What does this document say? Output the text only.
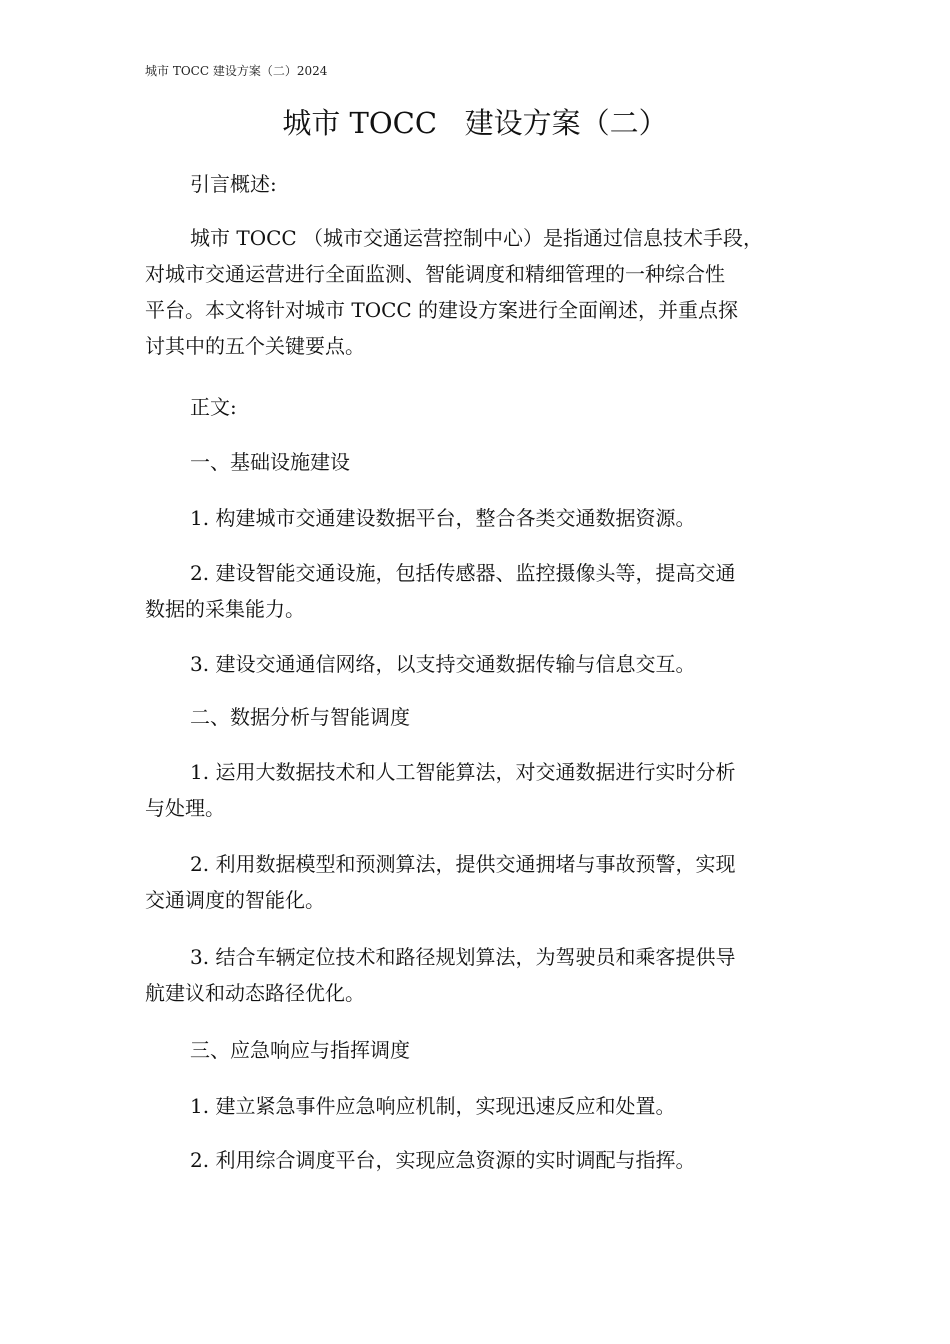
城市 TOCC 建设方案（二）2024
城市 TOCC   建设方案（二）
引言概述:
城市 TOCC （城市交通运营控制中心）是指通过信息技术手段，
对城市交通运营进行全面监测、智能调度和精细管理的一种综合性
平台。本文将针对城市 TOCC 的建设方案进行全面阐述，并重点探
讨其中的五个关键要点。
正文:
一、基础设施建设
1. 构建城市交通建设数据平台，整合各类交通数据资源。
2. 建设智能交通设施，包括传感器、监控摄像头等，提高交通
数据的采集能力。
3. 建设交通通信网络，以支持交通数据传输与信息交互。
二、数据分析与智能调度
1. 运用大数据技术和人工智能算法，对交通数据进行实时分析
与处理。
2. 利用数据模型和预测算法，提供交通拥堵与事故预警，实现
交通调度的智能化。
3. 结合车辆定位技术和路径规划算法，为驾驶员和乘客提供导
航建议和动态路径优化。
三、应急响应与指挥调度
1. 建立紧急事件应急响应机制，实现迅速反应和处置。
2. 利用综合调度平台，实现应急资源的实时调配与指挥。
